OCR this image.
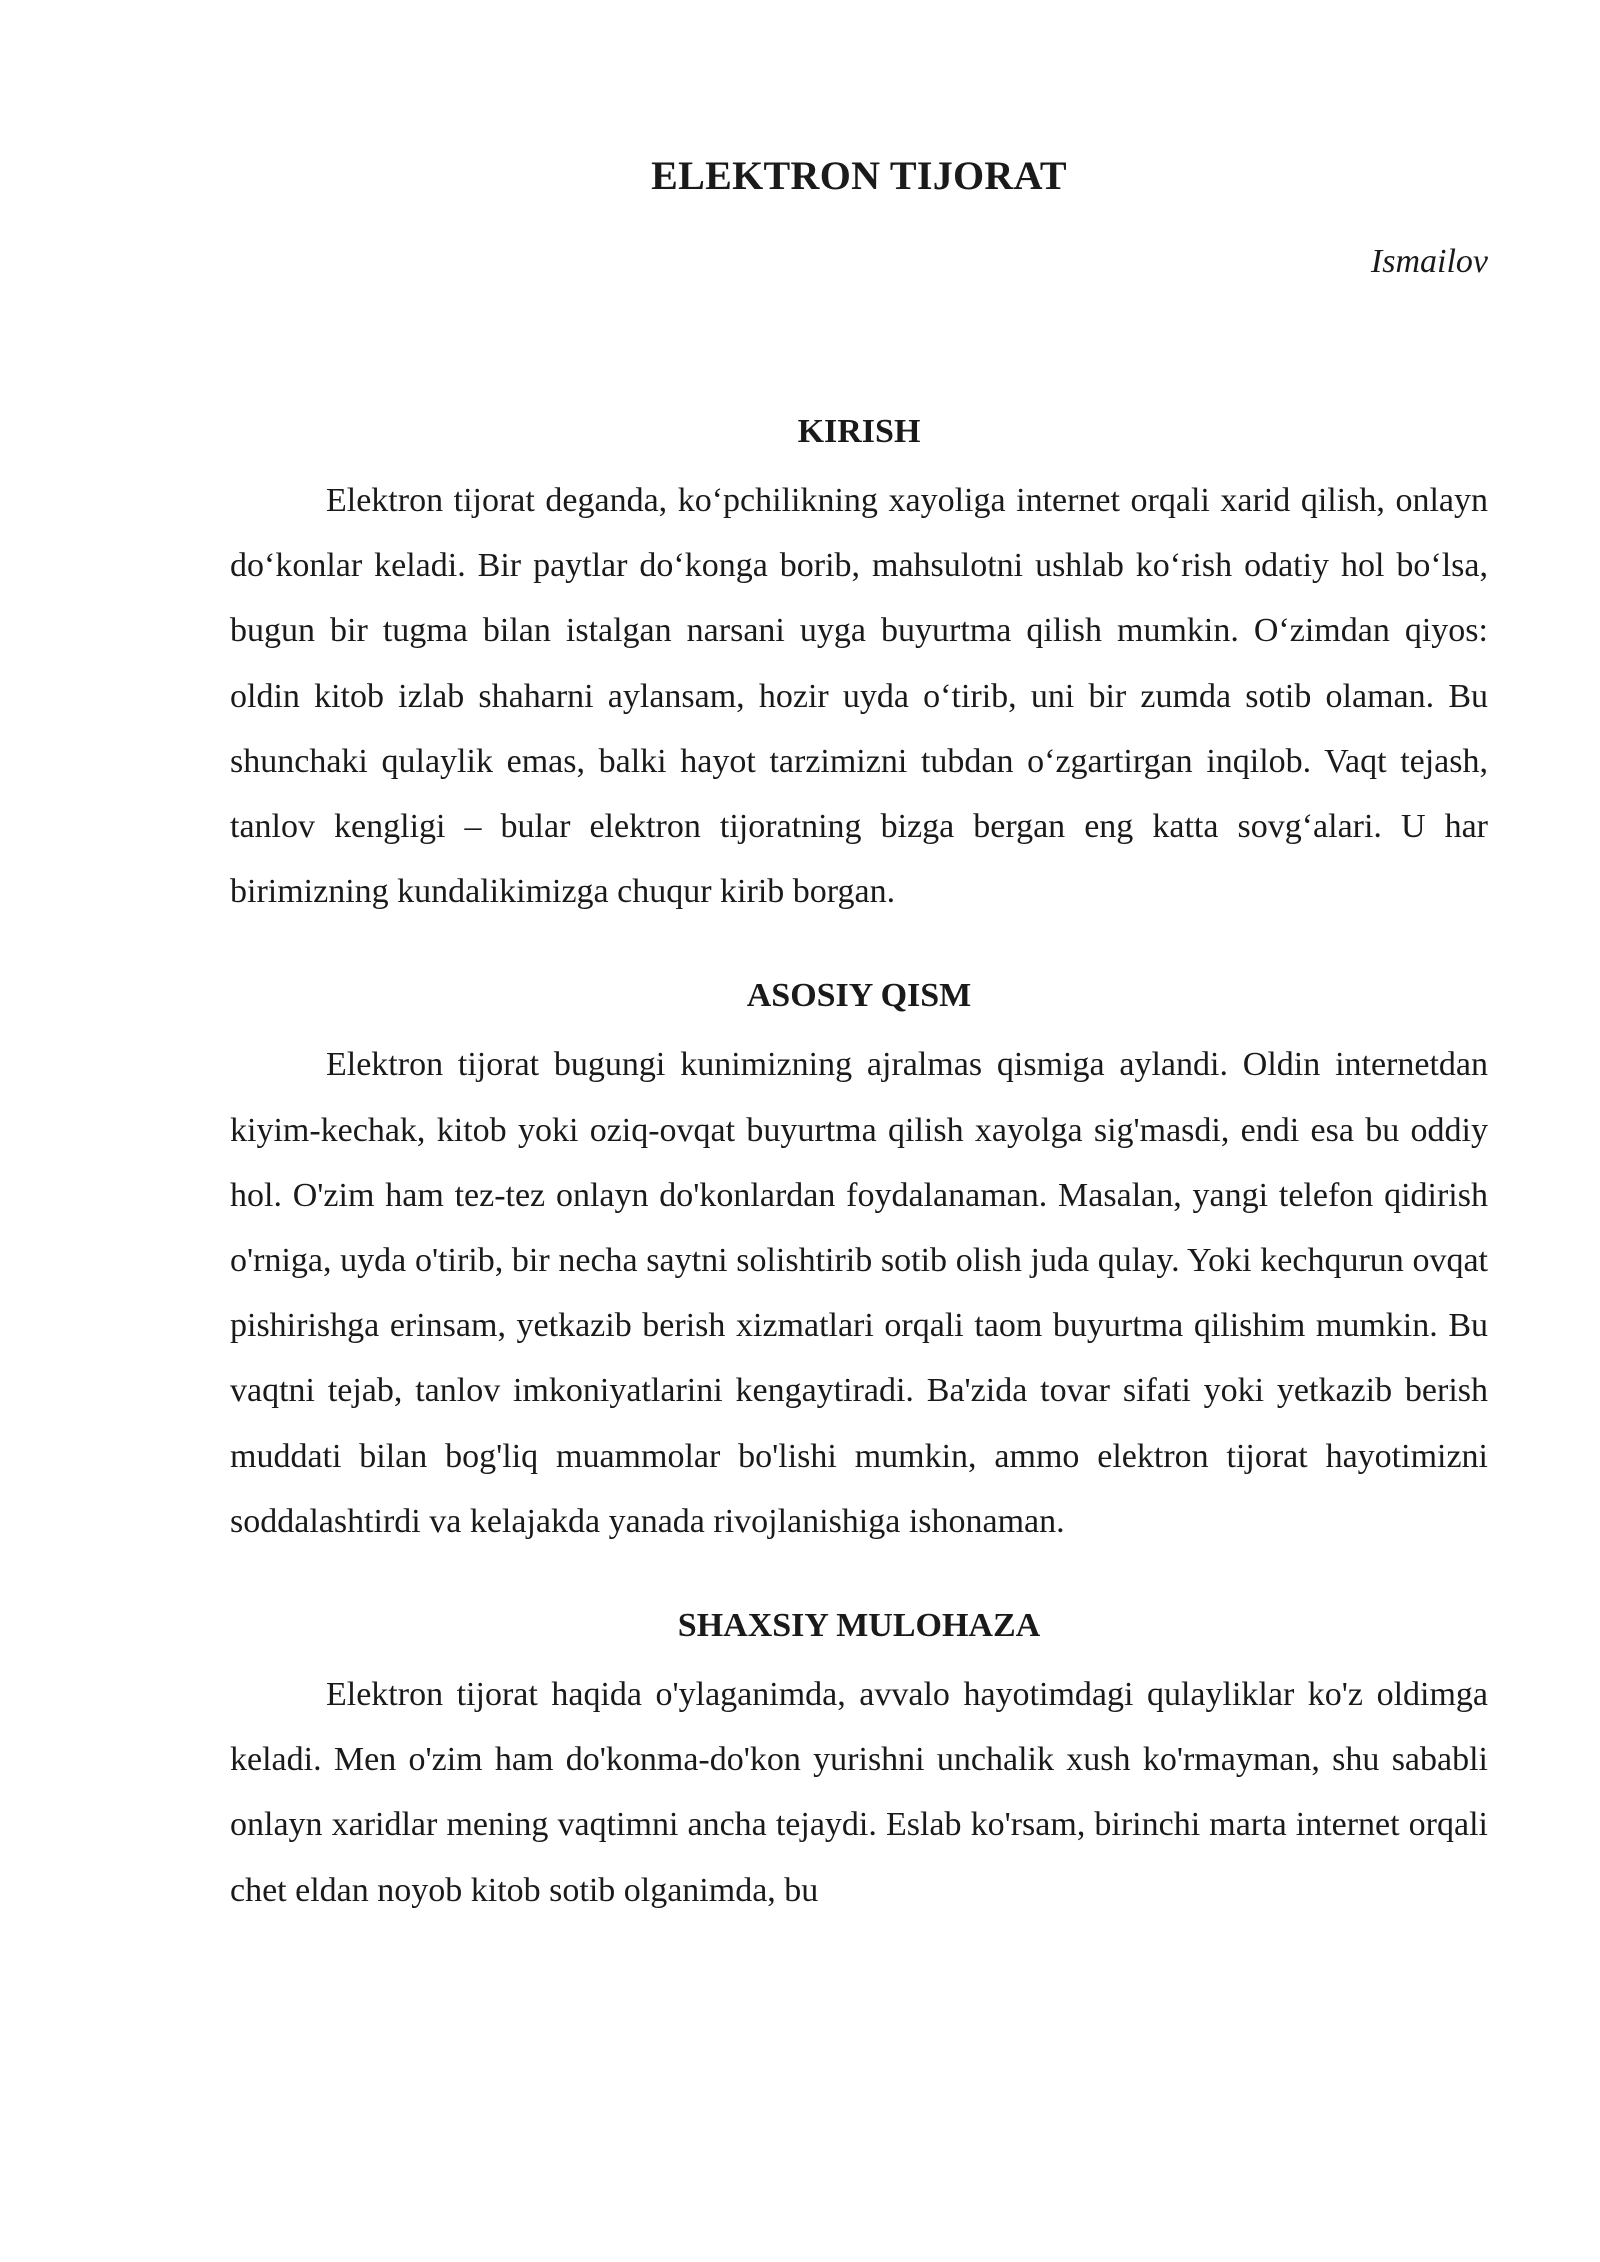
ELEKTRON TIJORAT

Ismailov

KIRISH

Elektron tijorat deganda, ko‘pchilikning xayoliga internet orqali xarid qilish, onlayn do‘konlar keladi. Bir paytlar do‘konga borib, mahsulotni ushlab ko‘rish odatiy hol bo‘lsa, bugun bir tugma bilan istalgan narsani uyga buyurtma qilish mumkin. O‘zimdan qiyos: oldin kitob izlab shaharni aylansam, hozir uyda o‘tirib, uni bir zumda sotib olaman. Bu shunchaki qulaylik emas, balki hayot tarzimizni tubdan o‘zgartirgan inqilob. Vaqt tejash, tanlov kengligi – bular elektron tijoratning bizga bergan eng katta sovg‘alari. U har birimizning kundalikimizga chuqur kirib borgan.

ASOSIY QISM

Elektron tijorat bugungi kunimizning ajralmas qismiga aylandi. Oldin internetdan kiyim-kechak, kitob yoki oziq-ovqat buyurtma qilish xayolga sig'masdi, endi esa bu oddiy hol. O'zim ham tez-tez onlayn do'konlardan foydalanaman. Masalan, yangi telefon qidirish o'rniga, uyda o'tirib, bir necha saytni solishtirib sotib olish juda qulay. Yoki kechqurun ovqat pishirishga erinsam, yetkazib berish xizmatlari orqali taom buyurtma qilishim mumkin. Bu vaqtni tejab, tanlov imkoniyatlarini kengaytiradi. Ba'zida tovar sifati yoki yetkazib berish muddati bilan bog'liq muammolar bo'lishi mumkin, ammo elektron tijorat hayotimizni soddalashtirdi va kelajakda yanada rivojlanishiga ishonaman.

SHAXSIY MULOHAZA

Elektron tijorat haqida o'ylaganimda, avvalo hayotimdagi qulayliklar ko'z oldimga keladi. Men o'zim ham do'konma-do'kon yurishni unchalik xush ko'rmayman, shu sababli onlayn xaridlar mening vaqtimni ancha tejaydi. Eslab ko'rsam, birinchi marta internet orqali chet eldan noyob kitob sotib olganimda, bu
